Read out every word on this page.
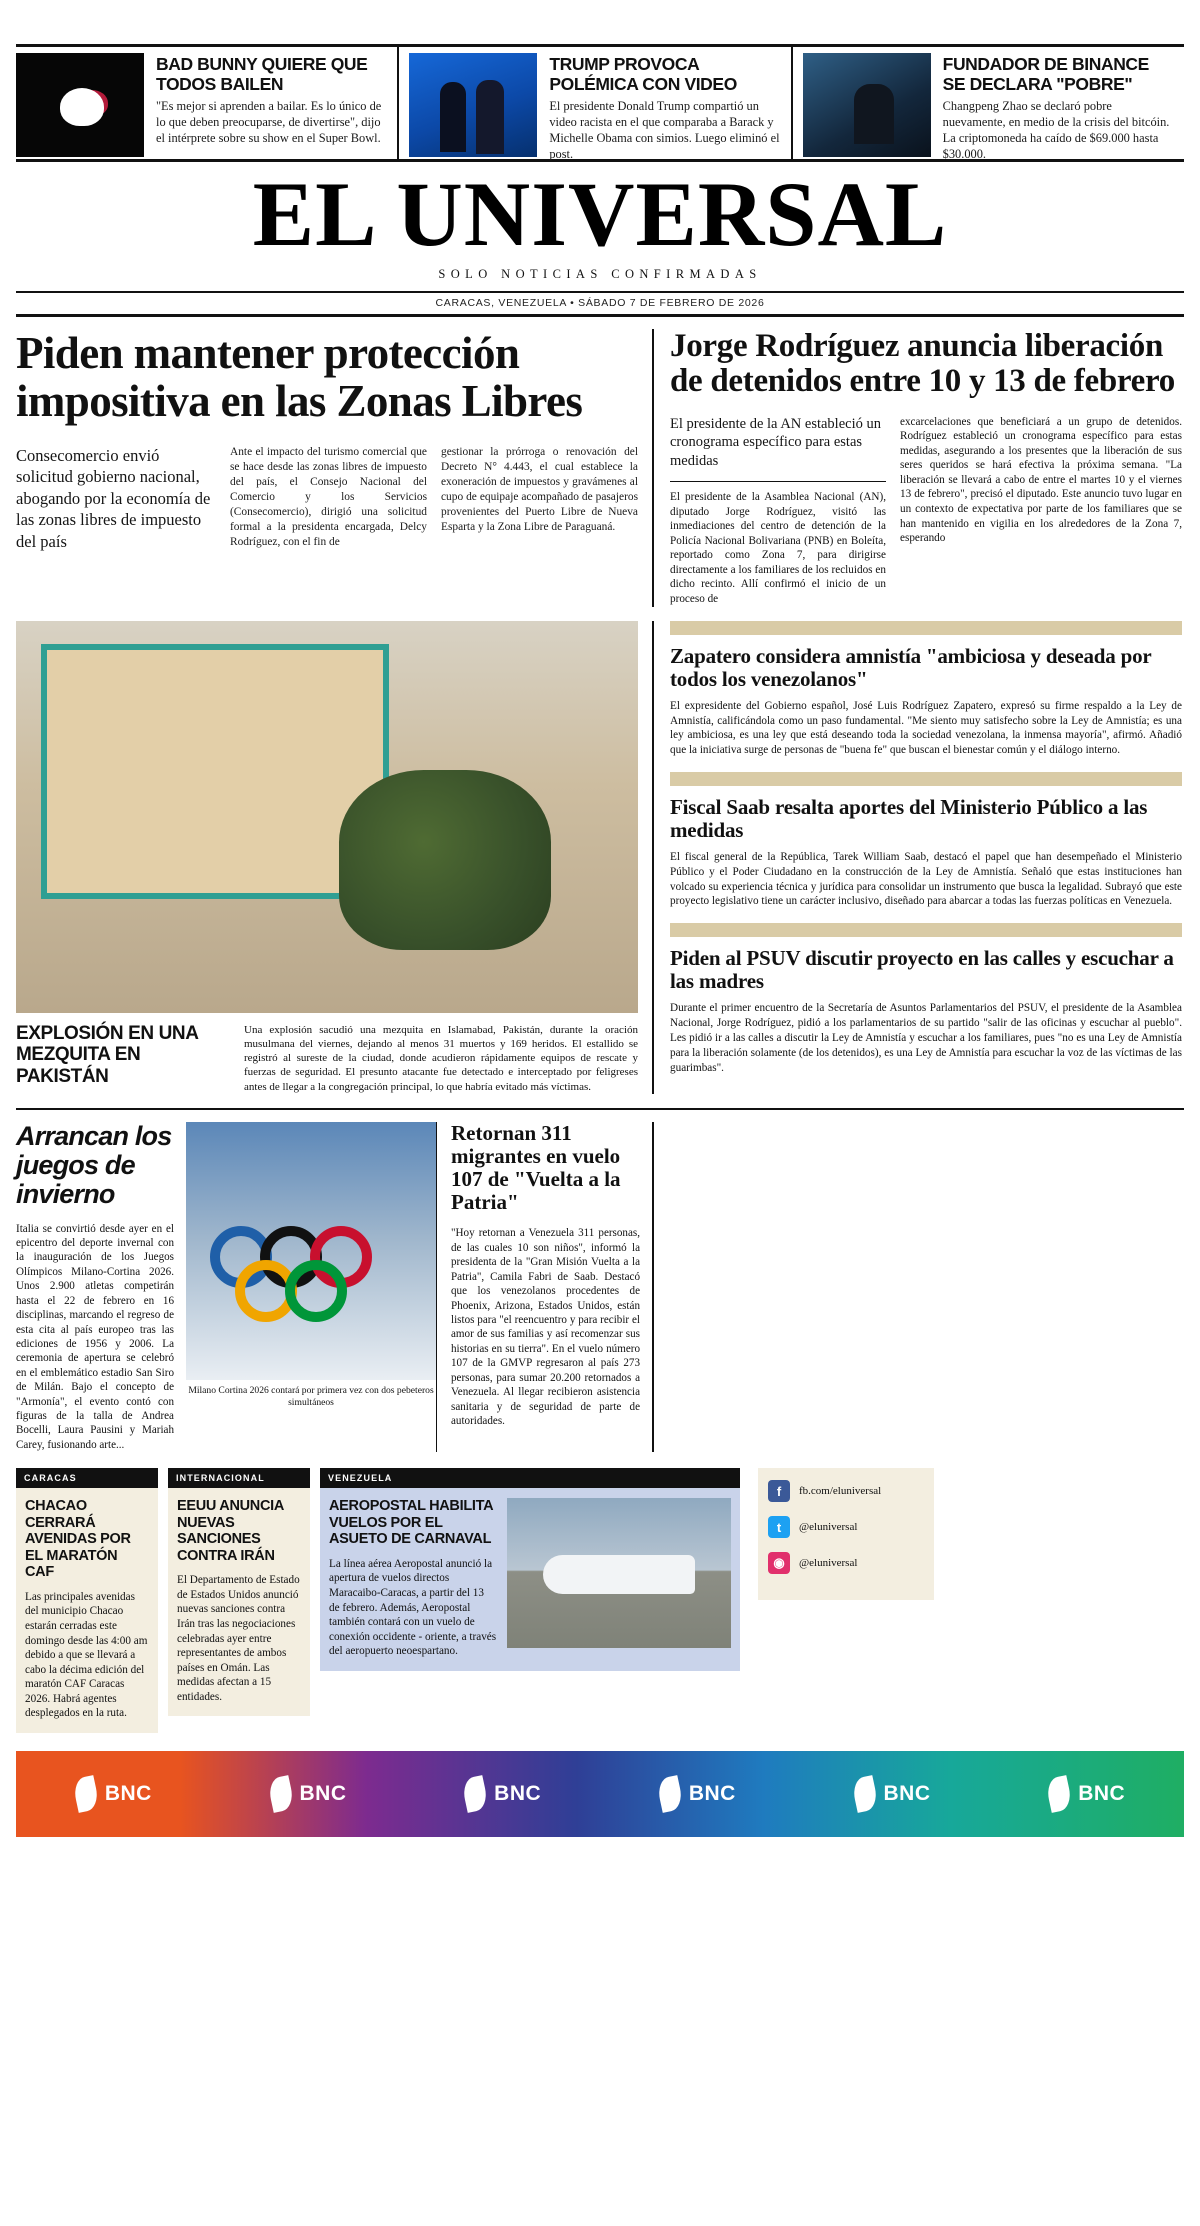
BAD BUNNY QUIERE QUE TODOS BAILEN
"Es mejor si aprenden a bailar. Es lo único de lo que deben preocuparse, de divertirse", dijo el intérprete sobre su show en el Super Bowl.
TRUMP PROVOCA POLÉMICA CON VIDEO
El presidente Donald Trump compartió un video racista en el que comparaba a Barack y Michelle Obama con simios. Luego eliminó el post.
FUNDADOR DE BINANCE SE DECLARA "POBRE"
Changpeng Zhao se declaró pobre nuevamente, en medio de la crisis del bitcóin. La criptomoneda ha caído de $69.000 hasta $30.000.
EL UNIVERSAL
SOLO NOTICIAS CONFIRMADAS
CARACAS, VENEZUELA • SÁBADO 7 DE FEBRERO DE 2026
Piden mantener protección impositiva en las Zonas Libres
Consecomercio envió solicitud gobierno nacional, abogando por la economía de las zonas libres de impuesto del país
Ante el impacto del turismo comercial que se hace desde las zonas libres de impuesto del país, el Consejo Nacional del Comercio y los Servicios (Consecomercio), dirigió una solicitud formal a la presidenta encargada, Delcy Rodríguez, con el fin de
gestionar la prórroga o renovación del Decreto N° 4.443, el cual establece la exoneración de impuestos y gravámenes al cupo de equipaje acompañado de pasajeros provenientes del Puerto Libre de Nueva Esparta y la Zona Libre de Paraguaná.
Jorge Rodríguez anuncia liberación de detenidos entre 10 y 13 de febrero
El presidente de la AN estableció un cronograma específico para estas medidas
El presidente de la Asamblea Nacional (AN), diputado Jorge Rodríguez, visitó las inmediaciones del centro de detención de la Policía Nacional Bolivariana (PNB) en Boleíta, reportado como Zona 7, para dirigirse directamente a los familiares de los recluidos en dicho recinto. Allí confirmó el inicio de un proceso de
excarcelaciones que beneficiará a un grupo de detenidos. Rodríguez estableció un cronograma específico para estas medidas, asegurando a los presentes que la liberación de sus seres queridos se hará efectiva la próxima semana. "La liberación se llevará a cabo de entre el martes 10 y el viernes 13 de febrero", precisó el diputado. Este anuncio tuvo lugar en un contexto de expectativa por parte de los familiares que se han mantenido en vigilia en los alrededores de la Zona 7, esperando
EXPLOSIÓN EN UNA MEZQUITA EN PAKISTÁN
Una explosión sacudió una mezquita en Islamabad, Pakistán, durante la oración musulmana del viernes, dejando al menos 31 muertos y 169 heridos. El estallido se registró al sureste de la ciudad, donde acudieron rápidamente equipos de rescate y fuerzas de seguridad. El presunto atacante fue detectado e interceptado por feligreses antes de llegar a la congregación principal, lo que habría evitado más víctimas.
Zapatero considera amnistía "ambiciosa y deseada por todos los venezolanos"
El expresidente del Gobierno español, José Luis Rodríguez Zapatero, expresó su firme respaldo a la Ley de Amnistía, calificándola como un paso fundamental. "Me siento muy satisfecho sobre la Ley de Amnistía; es una ley ambiciosa, es una ley que está deseando toda la sociedad venezolana, la inmensa mayoría", afirmó. Añadió que la iniciativa surge de personas de "buena fe" que buscan el bienestar común y el diálogo interno.
Fiscal Saab resalta aportes del Ministerio Público a las medidas
El fiscal general de la República, Tarek William Saab, destacó el papel que han desempeñado el Ministerio Público y el Poder Ciudadano en la construcción de la Ley de Amnistía. Señaló que estas instituciones han volcado su experiencia técnica y jurídica para consolidar un instrumento que busca la legalidad. Subrayó que este proyecto legislativo tiene un carácter inclusivo, diseñado para abarcar a todas las fuerzas políticas en Venezuela.
Piden al PSUV discutir proyecto en las calles y escuchar a las madres
Durante el primer encuentro de la Secretaría de Asuntos Parlamentarios del PSUV, el presidente de la Asamblea Nacional, Jorge Rodríguez, pidió a los parlamentarios de su partido "salir de las oficinas y escuchar al pueblo". Les pidió ir a las calles a discutir la Ley de Amnistía y escuchar a los familiares, pues "no es una Ley de Amnistía para la liberación solamente (de los detenidos), es una Ley de Amnistía para escuchar la voz de las víctimas de las guarimbas".
Arrancan los juegos de invierno
Italia se convirtió desde ayer en el epicentro del deporte invernal con la inauguración de los Juegos Olímpicos Milano-Cortina 2026. Unos 2.900 atletas competirán hasta el 22 de febrero en 16 disciplinas, marcando el regreso de esta cita al país europeo tras las ediciones de 1956 y 2006. La ceremonia de apertura se celebró en el emblemático estadio San Siro de Milán. Bajo el concepto de "Armonía", el evento contó con figuras de la talla de Andrea Bocelli, Laura Pausini y Mariah Carey, fusionando arte...
Milano Cortina 2026 contará por primera vez con dos pebeteros simultáneos
Retornan 311 migrantes en vuelo 107 de "Vuelta a la Patria"
"Hoy retornan a Venezuela 311 personas, de las cuales 10 son niños", informó la presidenta de la "Gran Misión Vuelta a la Patria", Camila Fabri de Saab. Destacó que los venezolanos procedentes de Phoenix, Arizona, Estados Unidos, están listos para "el reencuentro y para recibir el amor de sus familias y así recomenzar sus historias en su tierra". En el vuelo número 107 de la GMVP regresaron al país 273 personas, para sumar 20.200 retornados a Venezuela. Al llegar recibieron asistencia sanitaria y de seguridad de parte de autoridades.
CARACAS
CHACAO CERRARÁ AVENIDAS POR EL MARATÓN CAF
Las principales avenidas del municipio Chacao estarán cerradas este domingo desde las 4:00 am debido a que se llevará a cabo la décima edición del maratón CAF Caracas 2026. Habrá agentes desplegados en la ruta.
INTERNACIONAL
EEUU ANUNCIA NUEVAS SANCIONES CONTRA IRÁN
El Departamento de Estado de Estados Unidos anunció nuevas sanciones contra Irán tras las negociaciones celebradas ayer entre representantes de ambos países en Omán. Las medidas afectan a 15 entidades.
VENEZUELA
AEROPOSTAL HABILITA VUELOS POR EL ASUETO DE CARNAVAL
La línea aérea Aeropostal anunció la apertura de vuelos directos Maracaibo-Caracas, a partir del 13 de febrero. Además, Aeropostal también contará con un vuelo de conexión occidente - oriente, a través del aeropuerto neoespartano.
f	fb.com/eluniversal
t	@eluniversal
◉	@eluniversal
BNC	BNC	BNC	BNC	BNC	BNC
